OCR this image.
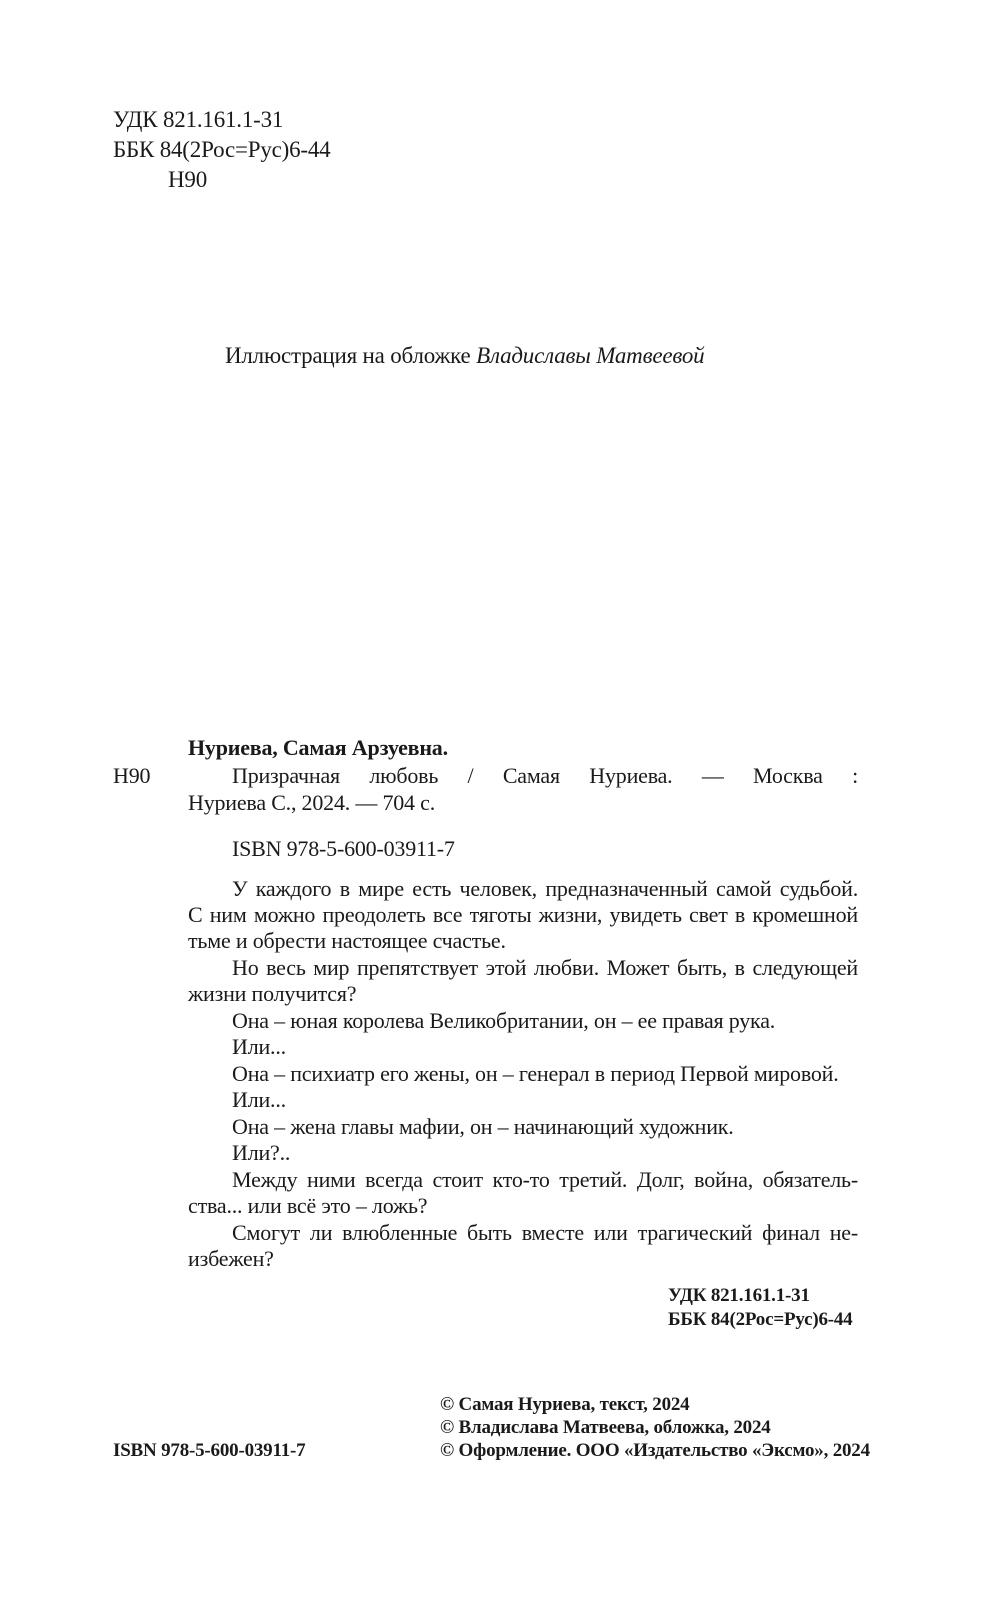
УДК 821.161.1-31
ББК 84(2Рос=Рус)6-44
Н90
Иллюстрация на обложке Владиславы Матвеевой
Нуриева, Самая Арзуевна.
Н90	Призрачная любовь / Самая Нуриева. — Москва :
Нуриева С., 2024. — 704 с.
ISBN 978-5-600-03911-7
У каждого в мире есть человек, предназначенный самой судьбой.
С ним можно преодолеть все тяготы жизни, увидеть свет в кромешной
тьме и обрести настоящее счастье.
Но весь мир препятствует этой любви. Может быть, в следующей
жизни получится?
Она – юная королева Великобритании, он – ее правая рука.
Или...
Она – психиатр его жены, он – генерал в период Первой мировой.
Или...
Она – жена главы мафии, он – начинающий художник.
Или?..
Между ними всегда стоит кто-то третий. Долг, война, обязатель-
ства... или всё это – ложь?
Смогут ли влюбленные быть вместе или трагический финал не-
избежен?
УДК 821.161.1-31
ББК 84(2Рос=Рус)6-44
© Самая Нуриева, текст, 2024
© Владислава Матвеева, обложка, 2024
© Оформление. ООО «Издательство «Эксмо», 2024
ISBN 978-5-600-03911-7
